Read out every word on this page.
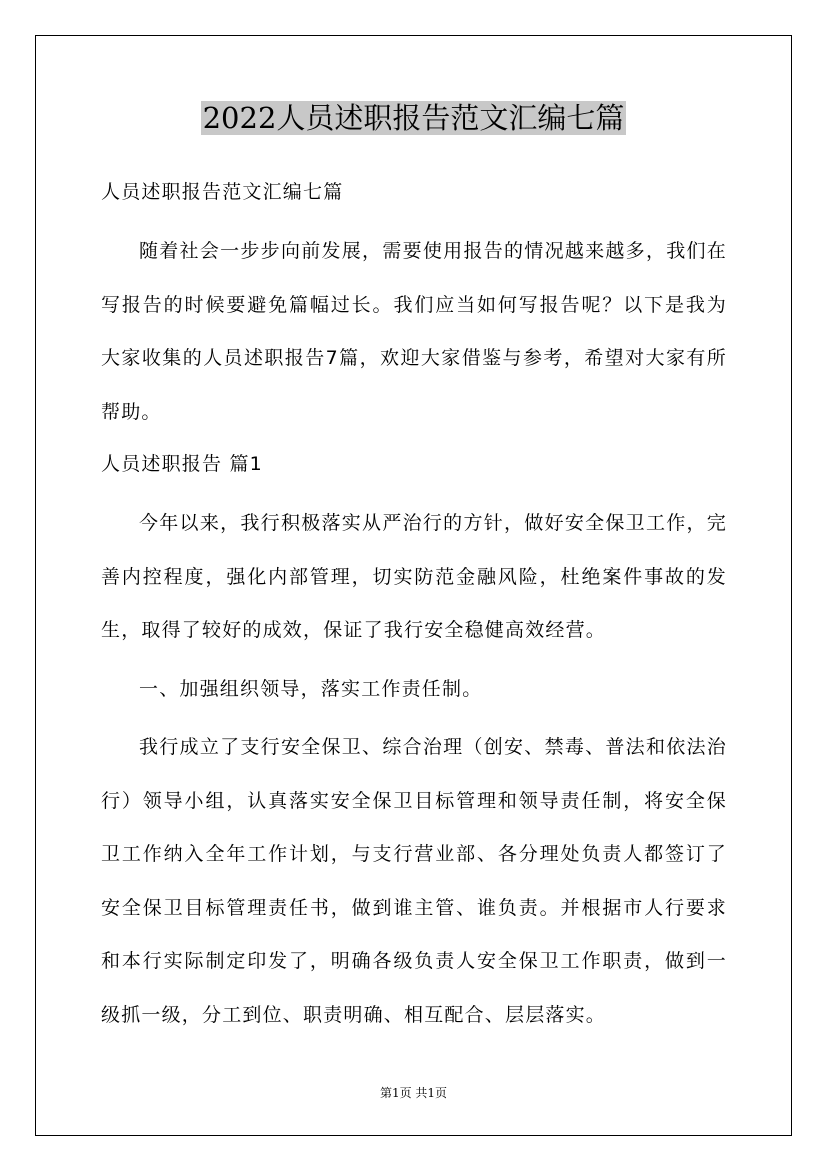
2022人员述职报告范文汇编七篇

人员述职报告范文汇编七篇

随着社会一步步向前发展，需要使用报告的情况越来越多，我们在写报告的时候要避免篇幅过长。我们应当如何写报告呢？以下是我为大家收集的人员述职报告7篇，欢迎大家借鉴与参考，希望对大家有所帮助。

人员述职报告 篇1

今年以来，我行积极落实从严治行的方针，做好安全保卫工作，完善内控程度，强化内部管理，切实防范金融风险，杜绝案件事故的发生，取得了较好的成效，保证了我行安全稳健高效经营。

一、加强组织领导，落实工作责任制。

我行成立了支行安全保卫、综合治理（创安、禁毒、普法和依法治行）领导小组，认真落实安全保卫目标管理和领导责任制，将安全保卫工作纳入全年工作计划，与支行营业部、各分理处负责人都签订了安全保卫目标管理责任书，做到谁主管、谁负责。并根据市人行要求和本行实际制定印发了，明确各级负责人安全保卫工作职责，做到一级抓一级，分工到位、职责明确、相互配合、层层落实。

第1页 共1页
